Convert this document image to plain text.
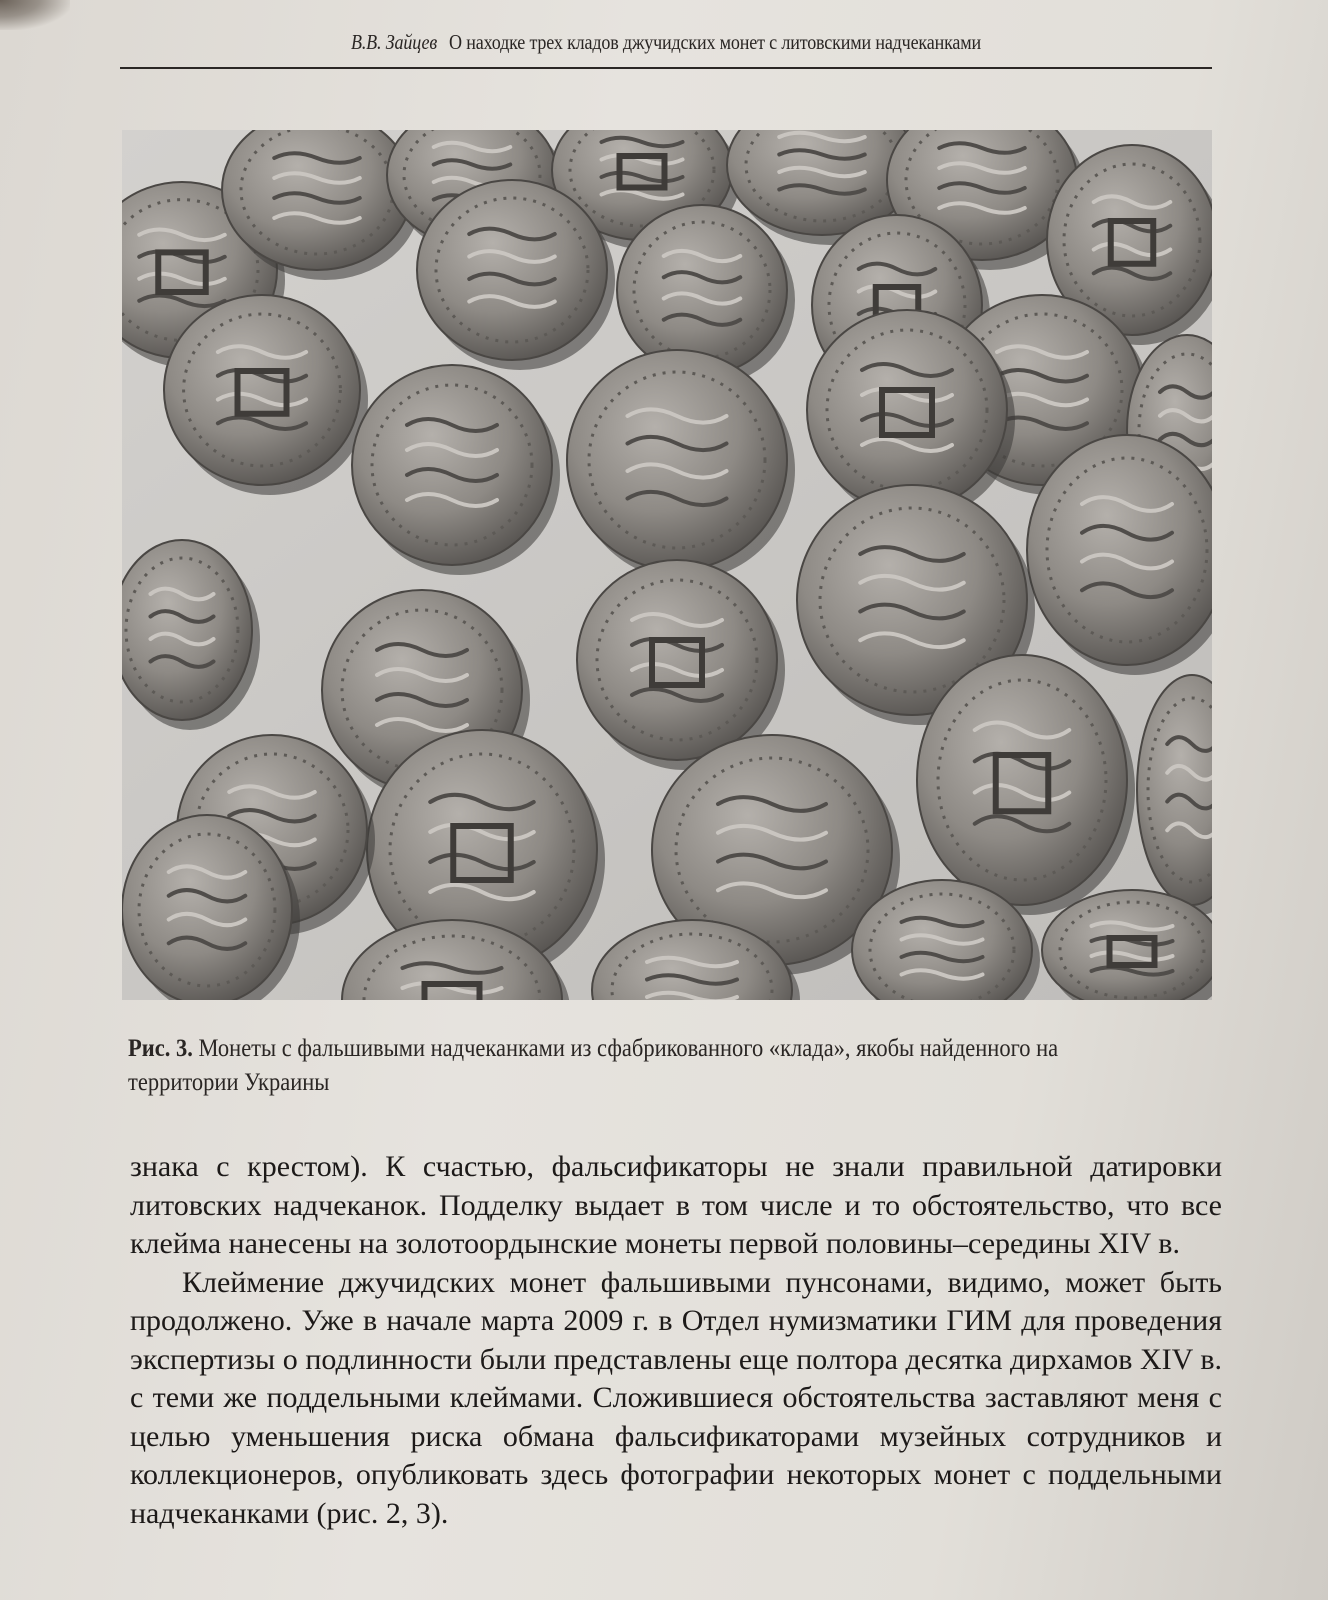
В.В. Зайцев О находке трех кладов джучидских монет с литовскими надчеканками
Рис. 3. Монеты с фальшивыми надчеканками из сфабрикованного «клада», якобы найденного на территории Украины

знака с крестом). К счастью, фальсификаторы не знали правильной датировки литовских надчеканок. Подделку выдает в том числе и то обстоятельство, что все клейма нанесены на золотоордынские монеты первой половины–середины XIV в.

Клеймение джучидских монет фальшивыми пунсонами, видимо, может быть продолжено. Уже в начале марта 2009 г. в Отдел нумизматики ГИМ для проведения экспертизы о подлинности были представлены еще полтора десятка дирхамов XIV в. с теми же поддельными клеймами. Сложившиеся обстоятельства заставляют меня с целью уменьшения риска обмана фальсификаторами музейных сотрудников и коллекционеров, опубликовать здесь фотографии некоторых монет с поддельными надчеканками (рис. 2, 3).
